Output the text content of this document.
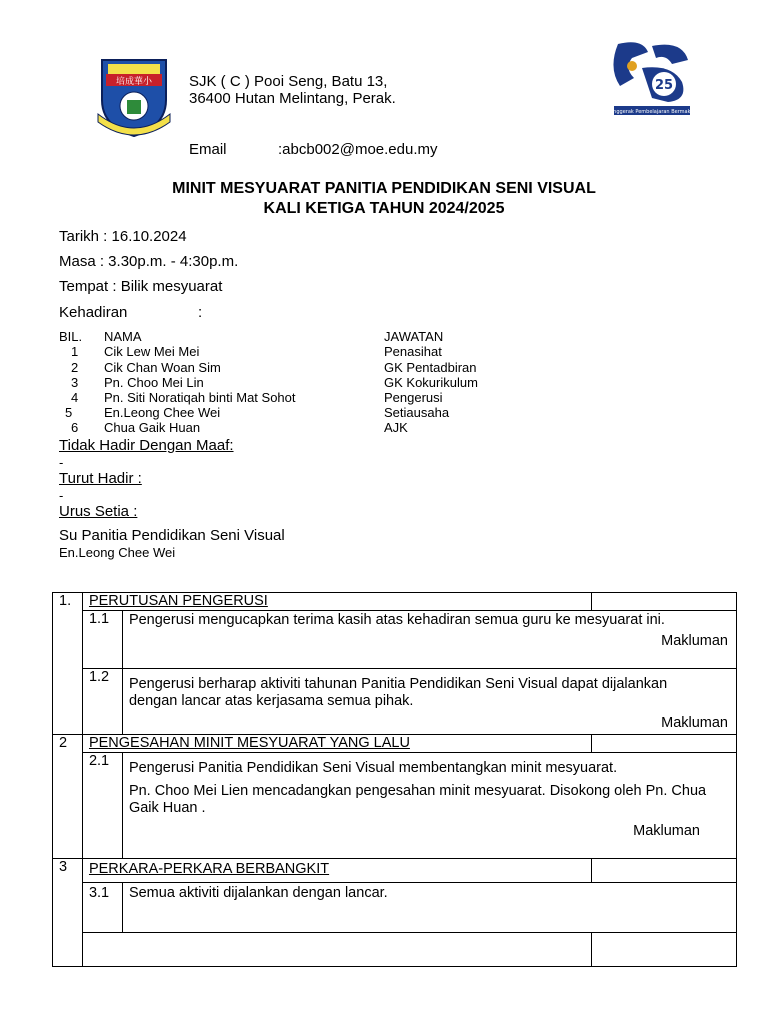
培成華小 SJK ( C ) Pooi Seng, Batu 13,
36400 Hutan Melintang, Perak.
25
Penggerak Pembelajaran Bermakna
Email	:abcb002@moe.edu.my
MINIT MESYUARAT PANITIA PENDIDIKAN SENI VISUAL
KALI KETIGA TAHUN 2024/2025
Tarikh : 16.10.2024
Masa : 3.30p.m. - 4:30p.m.
Tempat : Bilik mesyuarat
Kehadiran	:
BIL. NAMA	JAWATAN
1 Cik Lew Mei Mei	Penasihat
2 Cik Chan Woan Sim	GK Pentadbiran
3 Pn. Choo Mei Lin	GK Kokurikulum
4 Pn. Siti Noratiqah binti Mat Sohot	Pengerusi
5 En.Leong Chee Wei	Setiausaha
6 Chua Gaik Huan	AJK
Tidak Hadir Dengan Maaf:
-
Turut Hadir :
-
Urus Setia :
Su Panitia Pendidikan Seni Visual
En.Leong Chee Wei
1.	PERUTUSAN PENGERUSI		
	1.1	Pengerusi mengucapkan terima kasih atas kehadiran semua guru ke mesyuarat ini.
Makluman	

	1.2	Pengerusi berharap aktiviti tahunan Panitia Pendidikan Seni Visual dapat dijalankan dengan lancar atas kerjasama semua pihak.
Makluman	

2	PENGESAHAN MINIT MESYUARAT YANG LALU		
	2.1	Pengerusi Panitia Pendidikan Seni Visual membentangkan minit mesyuarat.
Pn. Choo Mei Lien mencadangkan pengesahan minit mesyuarat. Disokong oleh Pn. Chua Gaik Huan .
Makluman	

3	PERKARA-PERKARA BERBANGKIT		
	3.1	Semua aktiviti dijalankan dengan lancar.	
